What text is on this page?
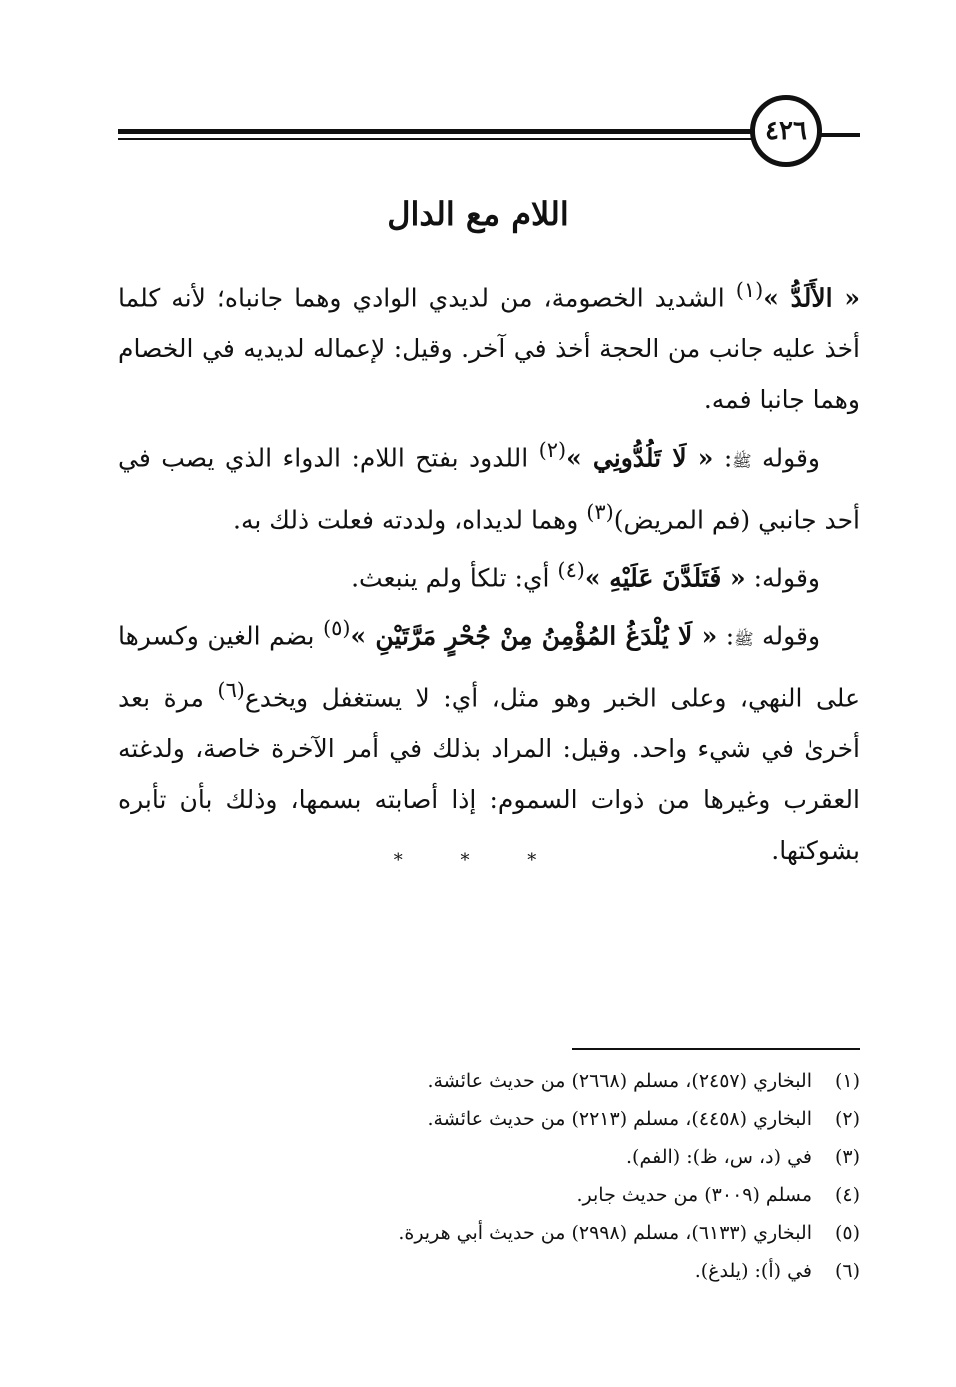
٤٢٦
اللام مع الدال

« الأَلَدُّ »$^{(١)}$ الشديد الخصومة، من لديدي الوادي وهما جانباه؛ لأنه كلما أخذ عليه جانب من الحجة أخذ في آخر. وقيل: لإعماله لديديه في الخصام وهما جانبا فمه.

وقوله ﷺ: « لَا تَلُدُّونِي »$^{(٢)}$ اللدود بفتح اللام: الدواء الذي يصب في أحد جانبي (فم المريض)$^{(٣)}$ وهما لديداه، ولددته فعلت ذلك به.

وقوله: « فَتَلَدَّنَ عَلَيْهِ »$^{(٤)}$ أي: تلكأ ولم ينبعث.

وقوله ﷺ: « لَا يُلْدَغُ المُؤْمِنُ مِنْ جُحْرٍ مَرَّتَيْنِ »$^{(٥)}$ بضم الغين وكسرها على النهي، وعلى الخبر وهو مثل، أي: لا يستغفل ويخدع$^{(٦)}$ مرة بعد أخرىٰ في شيء واحد. وقيل: المراد بذلك في أمر الآخرة خاصة، ولدغته العقرب وغيرها من ذوات السموم: إذا أصابته بسمها، وذلك بأن تأبره بشوكتها.

* * *
(١)
البخاري (٢٤٥٧)، مسلم (٢٦٦٨) من حديث عائشة.
(٢)
البخاري (٤٤٥٨)، مسلم (٢٢١٣) من حديث عائشة.
(٣)
في (د، س، ظ): (الفم).
(٤)
مسلم (٣٠٠٩) من حديث جابر.
(٥)
البخاري (٦١٣٣)، مسلم (٢٩٩٨) من حديث أبي هريرة.
(٦)
في (أ): (يلدغ).
